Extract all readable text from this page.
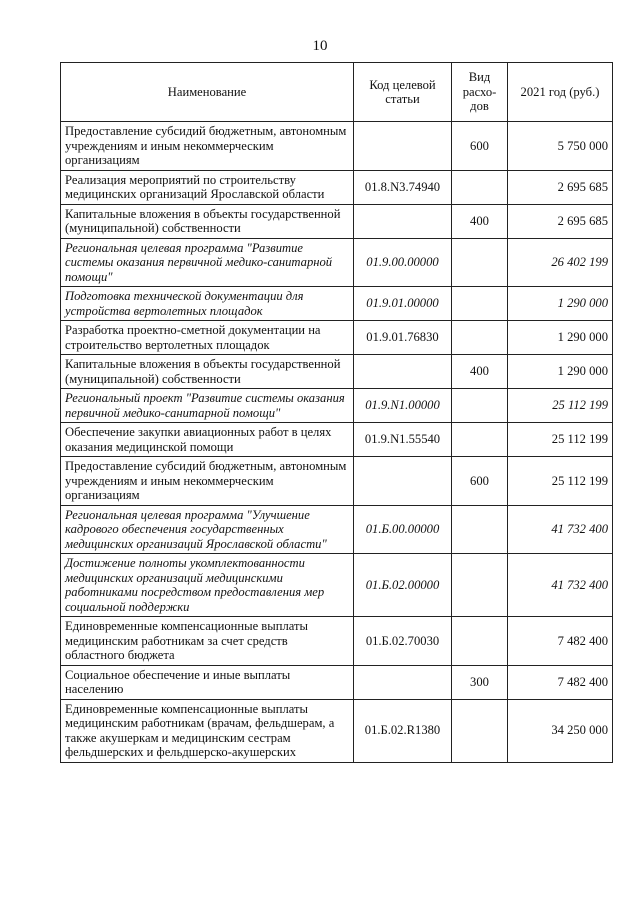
10
Наименование	Код целевой статьи	Вид расхо-дов	2021 год (руб.)
Предоставление субсидий бюджетным, автономным учреждениям и иным некоммерческим организациям		600	5 750 000
Реализация мероприятий по строительству медицинских организаций Ярославской области	01.8.N3.74940		2 695 685
Капитальные вложения в объекты государственной (муниципальной) собственности		400	2 695 685
Региональная целевая программа "Развитие системы оказания первичной медико-санитарной помощи"	01.9.00.00000		26 402 199
Подготовка технической документации для устройства вертолетных площадок	01.9.01.00000		1 290 000
Разработка проектно-сметной документации на строительство вертолетных площадок	01.9.01.76830		1 290 000
Капитальные вложения в объекты государственной (муниципальной) собственности		400	1 290 000
Региональный проект "Развитие системы оказания первичной медико-санитарной помощи"	01.9.N1.00000		25 112 199
Обеспечение закупки авиационных работ в целях оказания медицинской помощи	01.9.N1.55540		25 112 199
Предоставление субсидий бюджетным, автономным учреждениям и иным некоммерческим организациям		600	25 112 199
Региональная целевая программа "Улучшение кадрового обеспечения государственных медицинских организаций Ярославской области"	01.Б.00.00000		41 732 400
Достижение полноты укомплектованности медицинских организаций медицинскими работниками посредством предоставления мер социальной поддержки	01.Б.02.00000		41 732 400
Единовременные компенсационные выплаты медицинским работникам за счет средств областного бюджета	01.Б.02.70030		7 482 400
Социальное обеспечение и иные выплаты населению		300	7 482 400
Единовременные компенсационные выплаты медицинским работникам (врачам, фельдшерам, а также акушеркам и медицинским сестрам фельдшерских и фельдшерско-акушерских	01.Б.02.R1380		34 250 000
